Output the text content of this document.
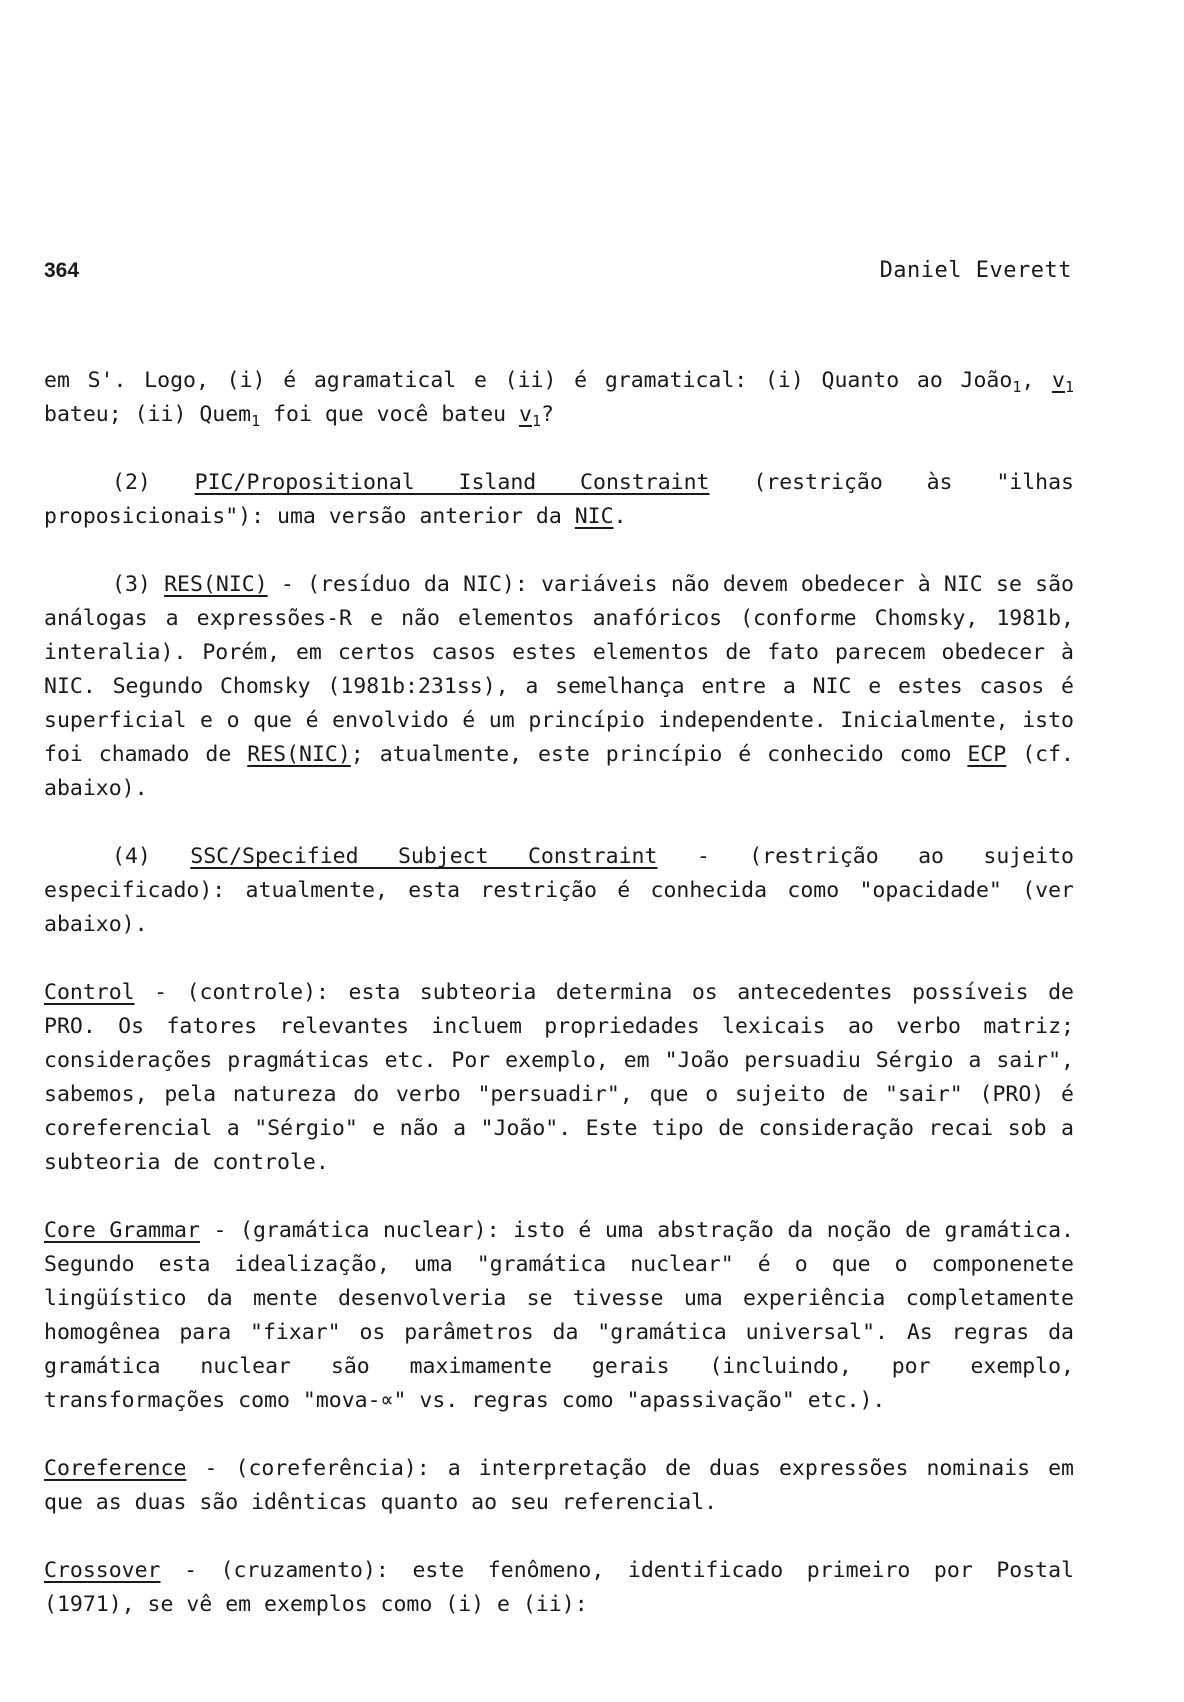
364	Daniel Everett

em S'. Logo, (i) é agramatical e (ii) é gramatical: (i) Quanto ao João$_1$, $v_1$ bateu; (ii) Quem$_1$ foi que você bateu $v_1$?

(2) PIC/Propositional Island Constraint (restrição às "ilhas proposicionais"): uma versão anterior da NIC.

(3) RES(NIC) - (resíduo da NIC): variáveis não devem obedecer à NIC se são análogas a expressões-R e não elementos anafóricos (conforme Chomsky, 1981b, interalia). Porém, em certos casos estes elementos de fato parecem obedecer à NIC. Segundo Chomsky (1981b:231ss), a semelhança entre a NIC e estes casos é superficial e o que é envolvido é um princípio independente. Inicialmente, isto foi chamado de RES(NIC); atualmente, este princípio é conhecido como ECP (cf. abaixo).

(4) SSC/Specified Subject Constraint - (restrição ao sujeito especificado): atualmente, esta restrição é conhecida como "opacidade" (ver abaixo).

Control - (controle): esta subteoria determina os antecedentes possíveis de PRO. Os fatores relevantes incluem propriedades lexicais ao verbo matriz; considerações pragmáticas etc. Por exemplo, em "João persuadiu Sérgio a sair", sabemos, pela natureza do verbo "persuadir", que o sujeito de "sair" (PRO) é coreferencial a "Sérgio" e não a "João". Este tipo de consideração recai sob a subteoria de controle.

Core Grammar - (gramática nuclear): isto é uma abstração da noção de gramática. Segundo esta idealização, uma "gramática nuclear" é o que o componenete lingüístico da mente desenvolveria se tivesse uma experiência completamente homogênea para "fixar" os parâmetros da "gramática universal". As regras da gramática nuclear são maximamente gerais (incluindo, por exemplo, transformações como "mova-∝" vs. regras como "apassivação" etc.).

Coreference - (coreferência): a interpretação de duas expressões nominais em que as duas são idênticas quanto ao seu referencial.

Crossover - (cruzamento): este fenômeno, identificado primeiro por Postal (1971), se vê em exemplos como (i) e (ii):
